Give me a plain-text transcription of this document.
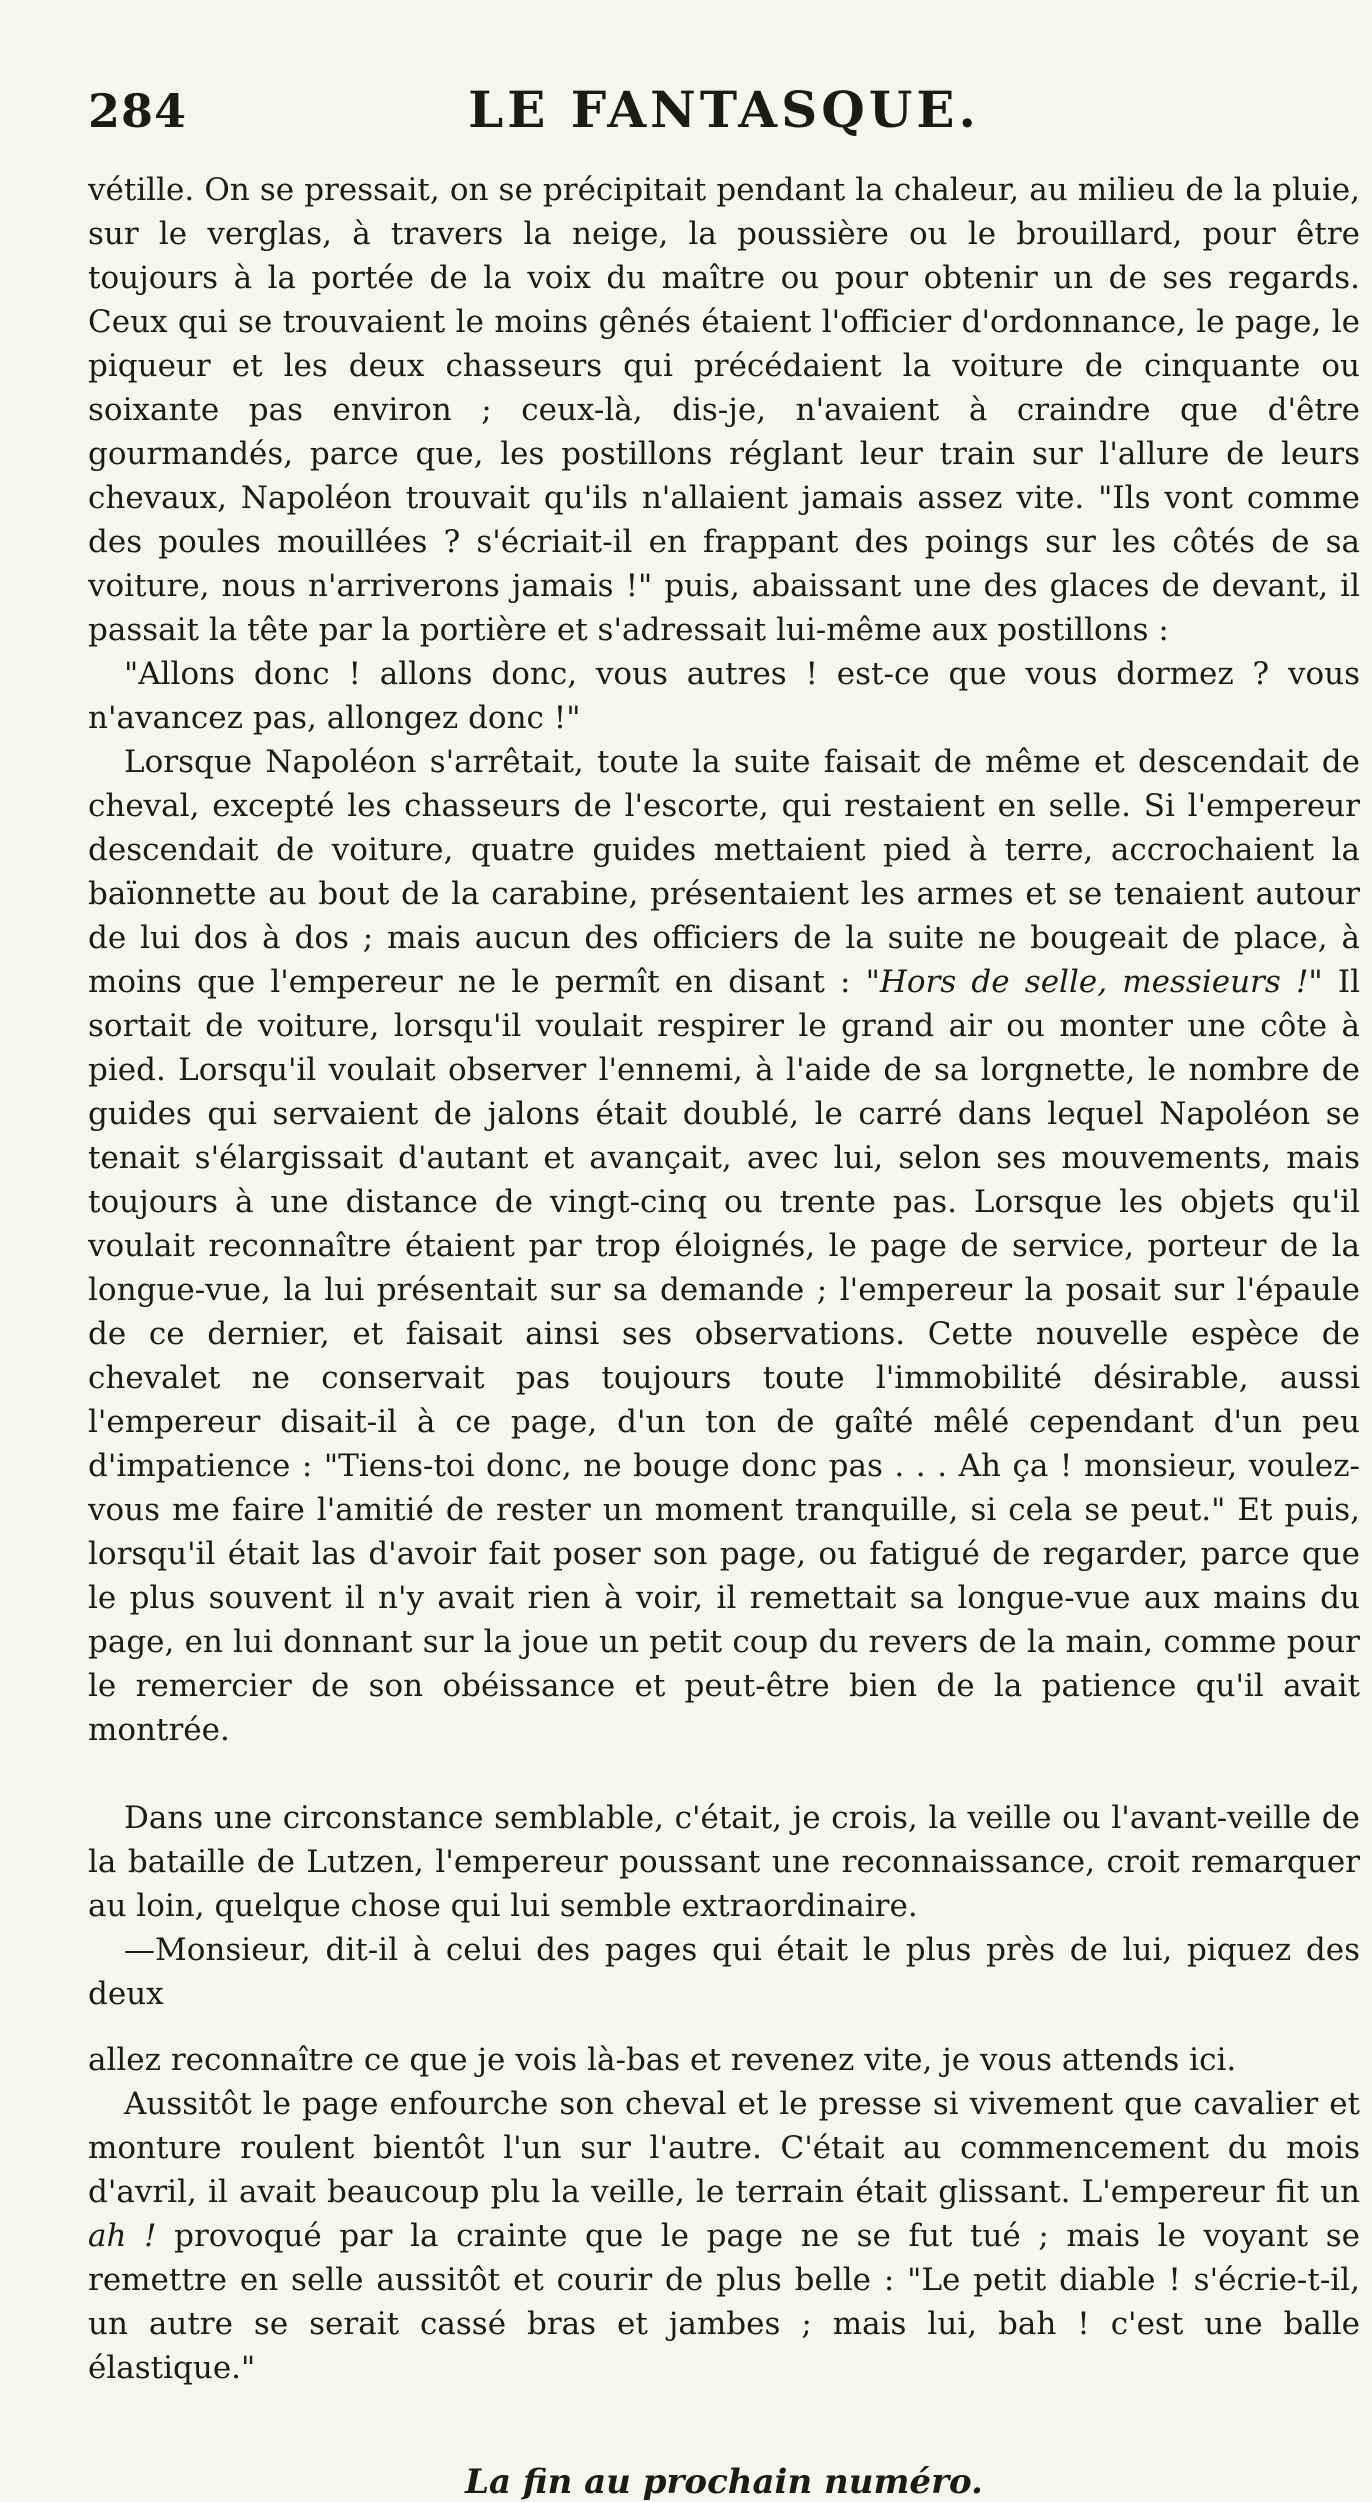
284	LE FANTASQUE.

vétille. On se pressait, on se précipitait pendant la chaleur, au milieu de la pluie, sur le verglas, à travers la neige, la poussière ou le brouillard, pour être toujours à la portée de la voix du maître ou pour obtenir un de ses regards. Ceux qui se trouvaient le moins gênés étaient l'officier d'ordonnance, le page, le piqueur et les deux chasseurs qui précédaient la voiture de cinquante ou soixante pas environ ; ceux-là, dis-je, n'avaient à craindre que d'être gourmandés, parce que, les postillons réglant leur train sur l'allure de leurs chevaux, Napoléon trouvait qu'ils n'allaient jamais assez vite. "Ils vont comme des poules mouillées ? s'écriait-il en frappant des poings sur les côtés de sa voiture, nous n'arriverons jamais !" puis, abaissant une des glaces de devant, il passait la tête par la portière et s'adressait lui-même aux postillons :

"Allons donc ! allons donc, vous autres ! est-ce que vous dormez ? vous n'avancez pas, allongez donc !"

Lorsque Napoléon s'arrêtait, toute la suite faisait de même et descendait de cheval, excepté les chasseurs de l'escorte, qui restaient en selle. Si l'empereur descendait de voiture, quatre guides mettaient pied à terre, accrochaient la baïonnette au bout de la carabine, présentaient les armes et se tenaient autour de lui dos à dos ; mais aucun des officiers de la suite ne bougeait de place, à moins que l'empereur ne le permît en disant : "Hors de selle, messieurs !" Il sortait de voiture, lorsqu'il voulait respirer le grand air ou monter une côte à pied. Lorsqu'il voulait observer l'ennemi, à l'aide de sa lorgnette, le nombre de guides qui servaient de jalons était doublé, le carré dans lequel Napoléon se tenait s'élargissait d'autant et avançait, avec lui, selon ses mouvements, mais toujours à une distance de vingt-cinq ou trente pas. Lorsque les objets qu'il voulait reconnaître étaient par trop éloignés, le page de service, porteur de la longue-vue, la lui présentait sur sa demande ; l'empereur la posait sur l'épaule de ce dernier, et faisait ainsi ses observations. Cette nouvelle espèce de chevalet ne conservait pas toujours toute l'immobilité désirable, aussi l'empereur disait-il à ce page, d'un ton de gaîté mêlé cependant d'un peu d'impatience : "Tiens-toi donc, ne bouge donc pas . . . Ah ça ! monsieur, voulez-vous me faire l'amitié de rester un moment tranquille, si cela se peut." Et puis, lorsqu'il était las d'avoir fait poser son page, ou fatigué de regarder, parce que le plus souvent il n'y avait rien à voir, il remettait sa longue-vue aux mains du page, en lui donnant sur la joue un petit coup du revers de la main, comme pour le remercier de son obéissance et peut-être bien de la patience qu'il avait montrée.

Dans une circonstance semblable, c'était, je crois, la veille ou l'avant-veille de la bataille de Lutzen, l'empereur poussant une reconnaissance, croit remarquer au loin, quelque chose qui lui semble extraordinaire.

—Monsieur, dit-il à celui des pages qui était le plus près de lui, piquez des deux

allez reconnaître ce que je vois là-bas et revenez vite, je vous attends ici.

Aussitôt le page enfourche son cheval et le presse si vivement que cavalier et monture roulent bientôt l'un sur l'autre. C'était au commencement du mois d'avril, il avait beaucoup plu la veille, le terrain était glissant. L'empereur fit un ah ! provoqué par la crainte que le page ne se fut tué ; mais le voyant se remettre en selle aussitôt et courir de plus belle : "Le petit diable ! s'écrie-t-il, un autre se serait cassé bras et jambes ; mais lui, bah ! c'est une balle élastique."

La fin au prochain numéro.
